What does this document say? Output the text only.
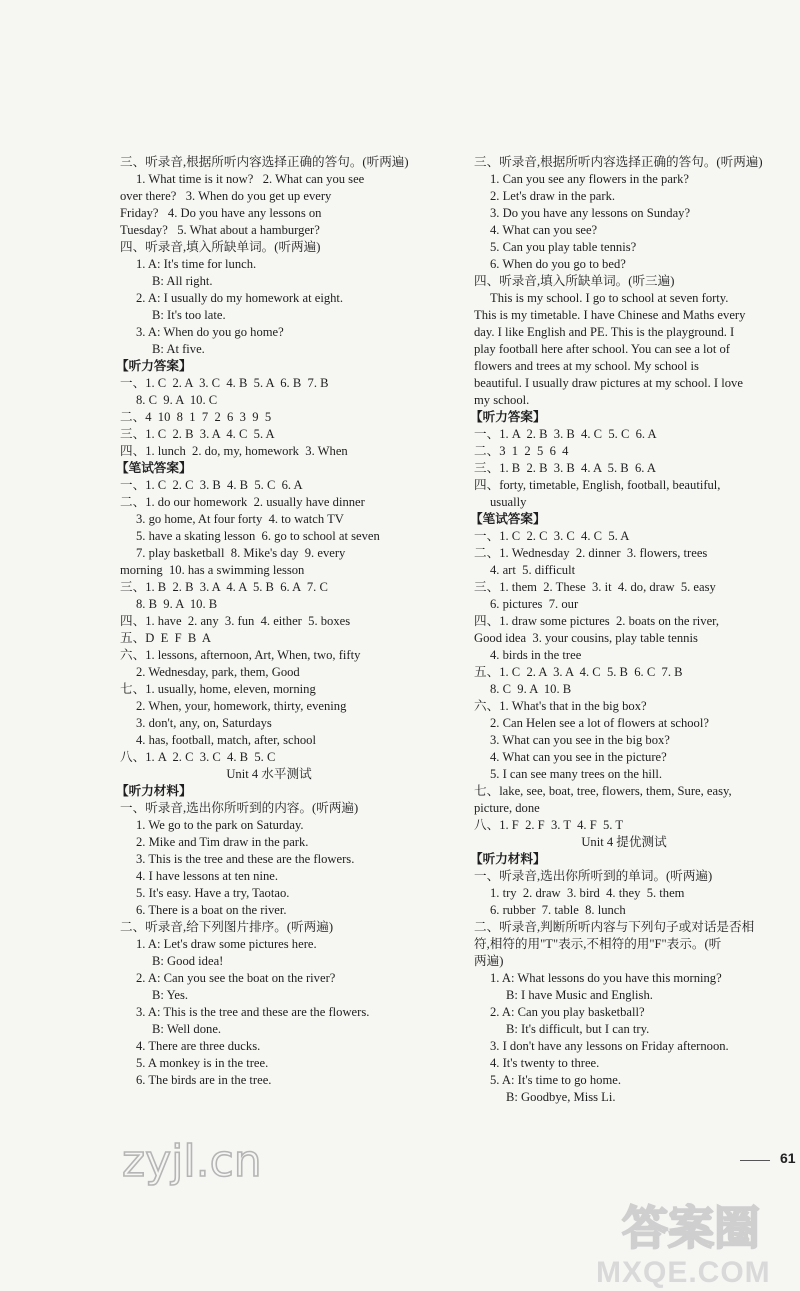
三、听录音,根据所听内容选择正确的答句。(听两遍)
1. What time is it now?   2. What can you see
over there?   3. When do you get up every
Friday?   4. Do you have any lessons on
Tuesday?   5. What about a hamburger?
四、听录音,填入所缺单词。(听两遍)
1. A: It's time for lunch.
B: All right.
2. A: I usually do my homework at eight.
B: It's too late.
3. A: When do you go home?
B: At five.
【听力答案】
一、1. C  2. A  3. C  4. B  5. A  6. B  7. B
8. C  9. A  10. C
二、4  10  8  1  7  2  6  3  9  5
三、1. C  2. B  3. A  4. C  5. A
四、1. lunch  2. do, my, homework  3. When
【笔试答案】
一、1. C  2. C  3. B  4. B  5. C  6. A
二、1. do our homework  2. usually have dinner
3. go home, At four forty  4. to watch TV
5. have a skating lesson  6. go to school at seven
7. play basketball  8. Mike's day  9. every
morning  10. has a swimming lesson
三、1. B  2. B  3. A  4. A  5. B  6. A  7. C
8. B  9. A  10. B
四、1. have  2. any  3. fun  4. either  5. boxes
五、D  E  F  B  A
六、1. lessons, afternoon, Art, When, two, fifty
2. Wednesday, park, them, Good
七、1. usually, home, eleven, morning
2. When, your, homework, thirty, evening
3. don't, any, on, Saturdays
4. has, football, match, after, school
八、1. A  2. C  3. C  4. B  5. C
Unit 4 水平测试
【听力材料】
一、听录音,选出你所听到的内容。(听两遍)
1. We go to the park on Saturday.
2. Mike and Tim draw in the park.
3. This is the tree and these are the flowers.
4. I have lessons at ten nine.
5. It's easy. Have a try, Taotao.
6. There is a boat on the river.
二、听录音,给下列图片排序。(听两遍)
1. A: Let's draw some pictures here.
B: Good idea!
2. A: Can you see the boat on the river?
B: Yes.
3. A: This is the tree and these are the flowers.
B: Well done.
4. There are three ducks.
5. A monkey is in the tree.
6. The birds are in the tree.
三、听录音,根据所听内容选择正确的答句。(听两遍)
1. Can you see any flowers in the park?
2. Let's draw in the park.
3. Do you have any lessons on Sunday?
4. What can you see?
5. Can you play table tennis?
6. When do you go to bed?
四、听录音,填入所缺单词。(听三遍)
This is my school. I go to school at seven forty.
This is my timetable. I have Chinese and Maths every
day. I like English and PE. This is the playground. I
play football here after school. You can see a lot of
flowers and trees at my school. My school is
beautiful. I usually draw pictures at my school. I love
my school.
【听力答案】
一、1. A  2. B  3. B  4. C  5. C  6. A
二、3  1  2  5  6  4
三、1. B  2. B  3. B  4. A  5. B  6. A
四、forty, timetable, English, football, beautiful,
usually
【笔试答案】
一、1. C  2. C  3. C  4. C  5. A
二、1. Wednesday  2. dinner  3. flowers, trees
4. art  5. difficult
三、1. them  2. These  3. it  4. do, draw  5. easy
6. pictures  7. our
四、1. draw some pictures  2. boats on the river,
Good idea  3. your cousins, play table tennis
4. birds in the tree
五、1. C  2. A  3. A  4. C  5. B  6. C  7. B
8. C  9. A  10. B
六、1. What's that in the big box?
2. Can Helen see a lot of flowers at school?
3. What can you see in the big box?
4. What can you see in the picture?
5. I can see many trees on the hill.
七、lake, see, boat, tree, flowers, them, Sure, easy,
picture, done
八、1. F  2. F  3. T  4. F  5. T
Unit 4 提优测试
【听力材料】
一、听录音,选出你所听到的单词。(听两遍)
1. try  2. draw  3. bird  4. they  5. them
6. rubber  7. table  8. lunch
二、听录音,判断所听内容与下列句子或对话是否相
符,相符的用"T"表示,不相符的用"F"表示。(听
两遍)
1. A: What lessons do you have this morning?
B: I have Music and English.
2. A: Can you play basketball?
B: It's difficult, but I can try.
3. I don't have any lessons on Friday afternoon.
4. It's twenty to three.
5. A: It's time to go home.
B: Goodbye, Miss Li.
61
zyjl.cn
答案圈
MXQE.COM
